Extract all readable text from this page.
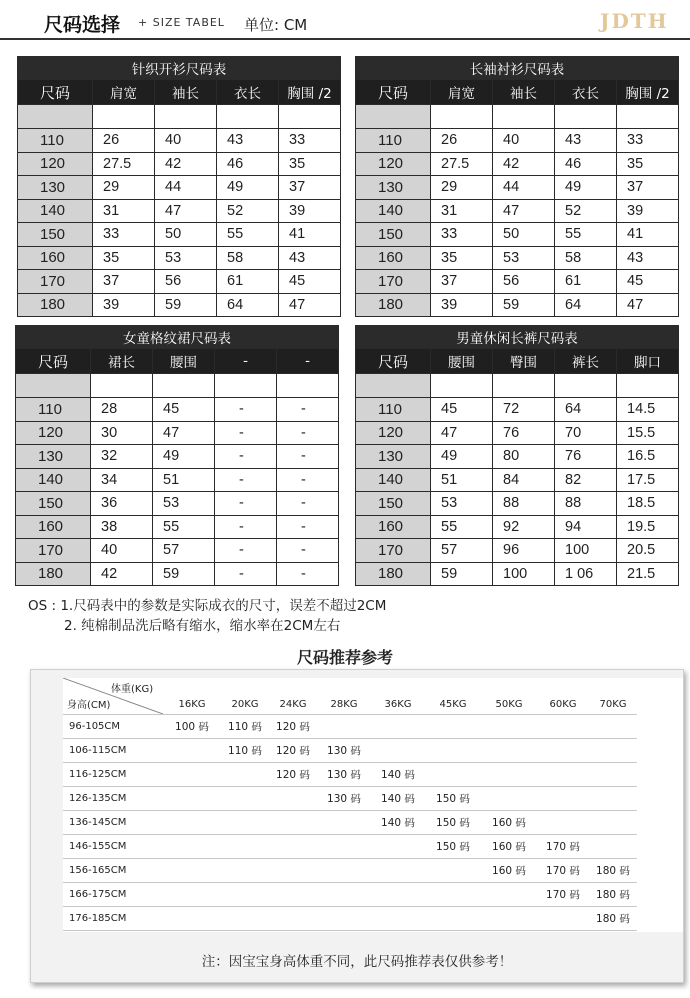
尺码选择 + SIZE TABEL 单位: CM	JDTH
针织开衫尺码表				
尺码	肩宽	袖长	衣长	胸围 /2

110	26	40	43	33
120	27.5	42	46	35
130	29	44	49	37
140	31	47	52	39
150	33	50	55	41
160	35	53	58	43
170	37	56	61	45
180	39	59	64	47
长袖衬衫尺码表				
尺码	肩宽	袖长	衣长	胸围 /2

110	26	40	43	33
120	27.5	42	46	35
130	29	44	49	37
140	31	47	52	39
150	33	50	55	41
160	35	53	58	43
170	37	56	61	45
180	39	59	64	47
女童格纹裙尺码表				
尺码	裙长	腰围	-	-

110	28	45	-	-
120	30	47	-	-
130	32	49	-	-
140	34	51	-	-
150	36	53	-	-
160	38	55	-	-
170	40	57	-	-
180	42	59	-	-
男童休闲长裤尺码表				
尺码	腰围	臀围	裤长	脚口

110	45	72	64	14.5
120	47	76	70	15.5
130	49	80	76	16.5
140	51	84	82	17.5
150	53	88	88	18.5
160	55	92	94	19.5
170	57	96	100	20.5
180	59	100	1 06	21.5
OS : 1.尺码表中的参数是实际成衣的尺寸，误差不超过2CM
2. 纯棉制品洗后略有缩水，缩水率在2CM左右
尺码推荐参考
体重(KG)
身高(CM)	16KG	20KG	24KG	28KG	36KG	45KG	50KG	60KG	70KG
96-105CM	100 码	110 码	120 码						
106-115CM		110 码	120 码	130 码					
116-125CM			120 码	130 码	140 码				
126-135CM				130 码	140 码	150 码			
136-145CM					140 码	150 码	160 码		
146-155CM						150 码	160 码	170 码	
156-165CM							160 码	170 码	180 码
166-175CM								170 码	180 码
176-185CM									180 码
注：因宝宝身高体重不同，此尺码推荐表仅供参考！
